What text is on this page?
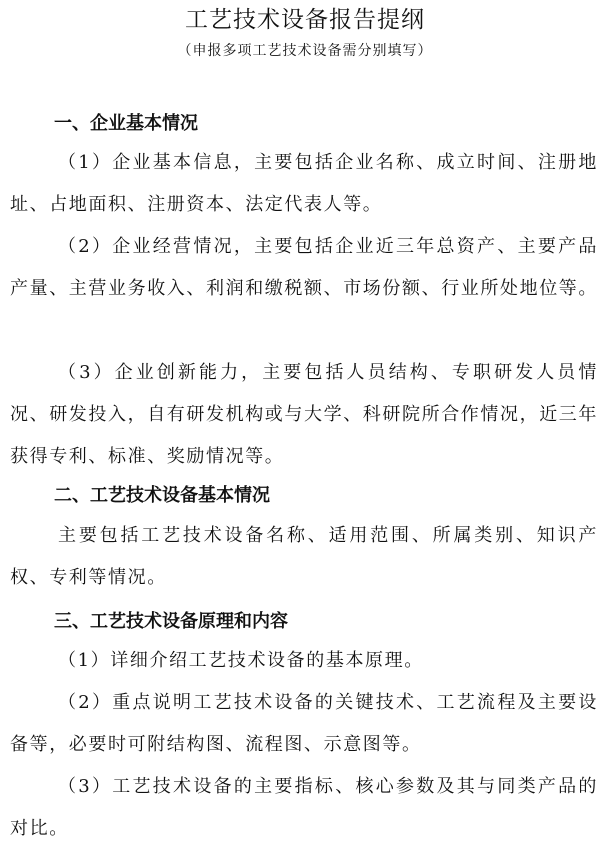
工艺技术设备报告提纲
（申报多项工艺技术设备需分别填写）
一、企业基本情况
（1）企业基本信息，主要包括企业名称、成立时间、注册地址、占地面积、注册资本、法定代表人等。
（2）企业经营情况，主要包括企业近三年总资产、主要产品产量、主营业务收入、利润和缴税额、市场份额、行业所处地位等。
（3）企业创新能力，主要包括人员结构、专职研发人员情况、研发投入，自有研发机构或与大学、科研院所合作情况，近三年获得专利、标准、奖励情况等。
二、工艺技术设备基本情况
主要包括工艺技术设备名称、适用范围、所属类别、知识产权、专利等情况。
三、工艺技术设备原理和内容
（1）详细介绍工艺技术设备的基本原理。
（2）重点说明工艺技术设备的关键技术、工艺流程及主要设备等，必要时可附结构图、流程图、示意图等。
（3）工艺技术设备的主要指标、核心参数及其与同类产品的对比。
